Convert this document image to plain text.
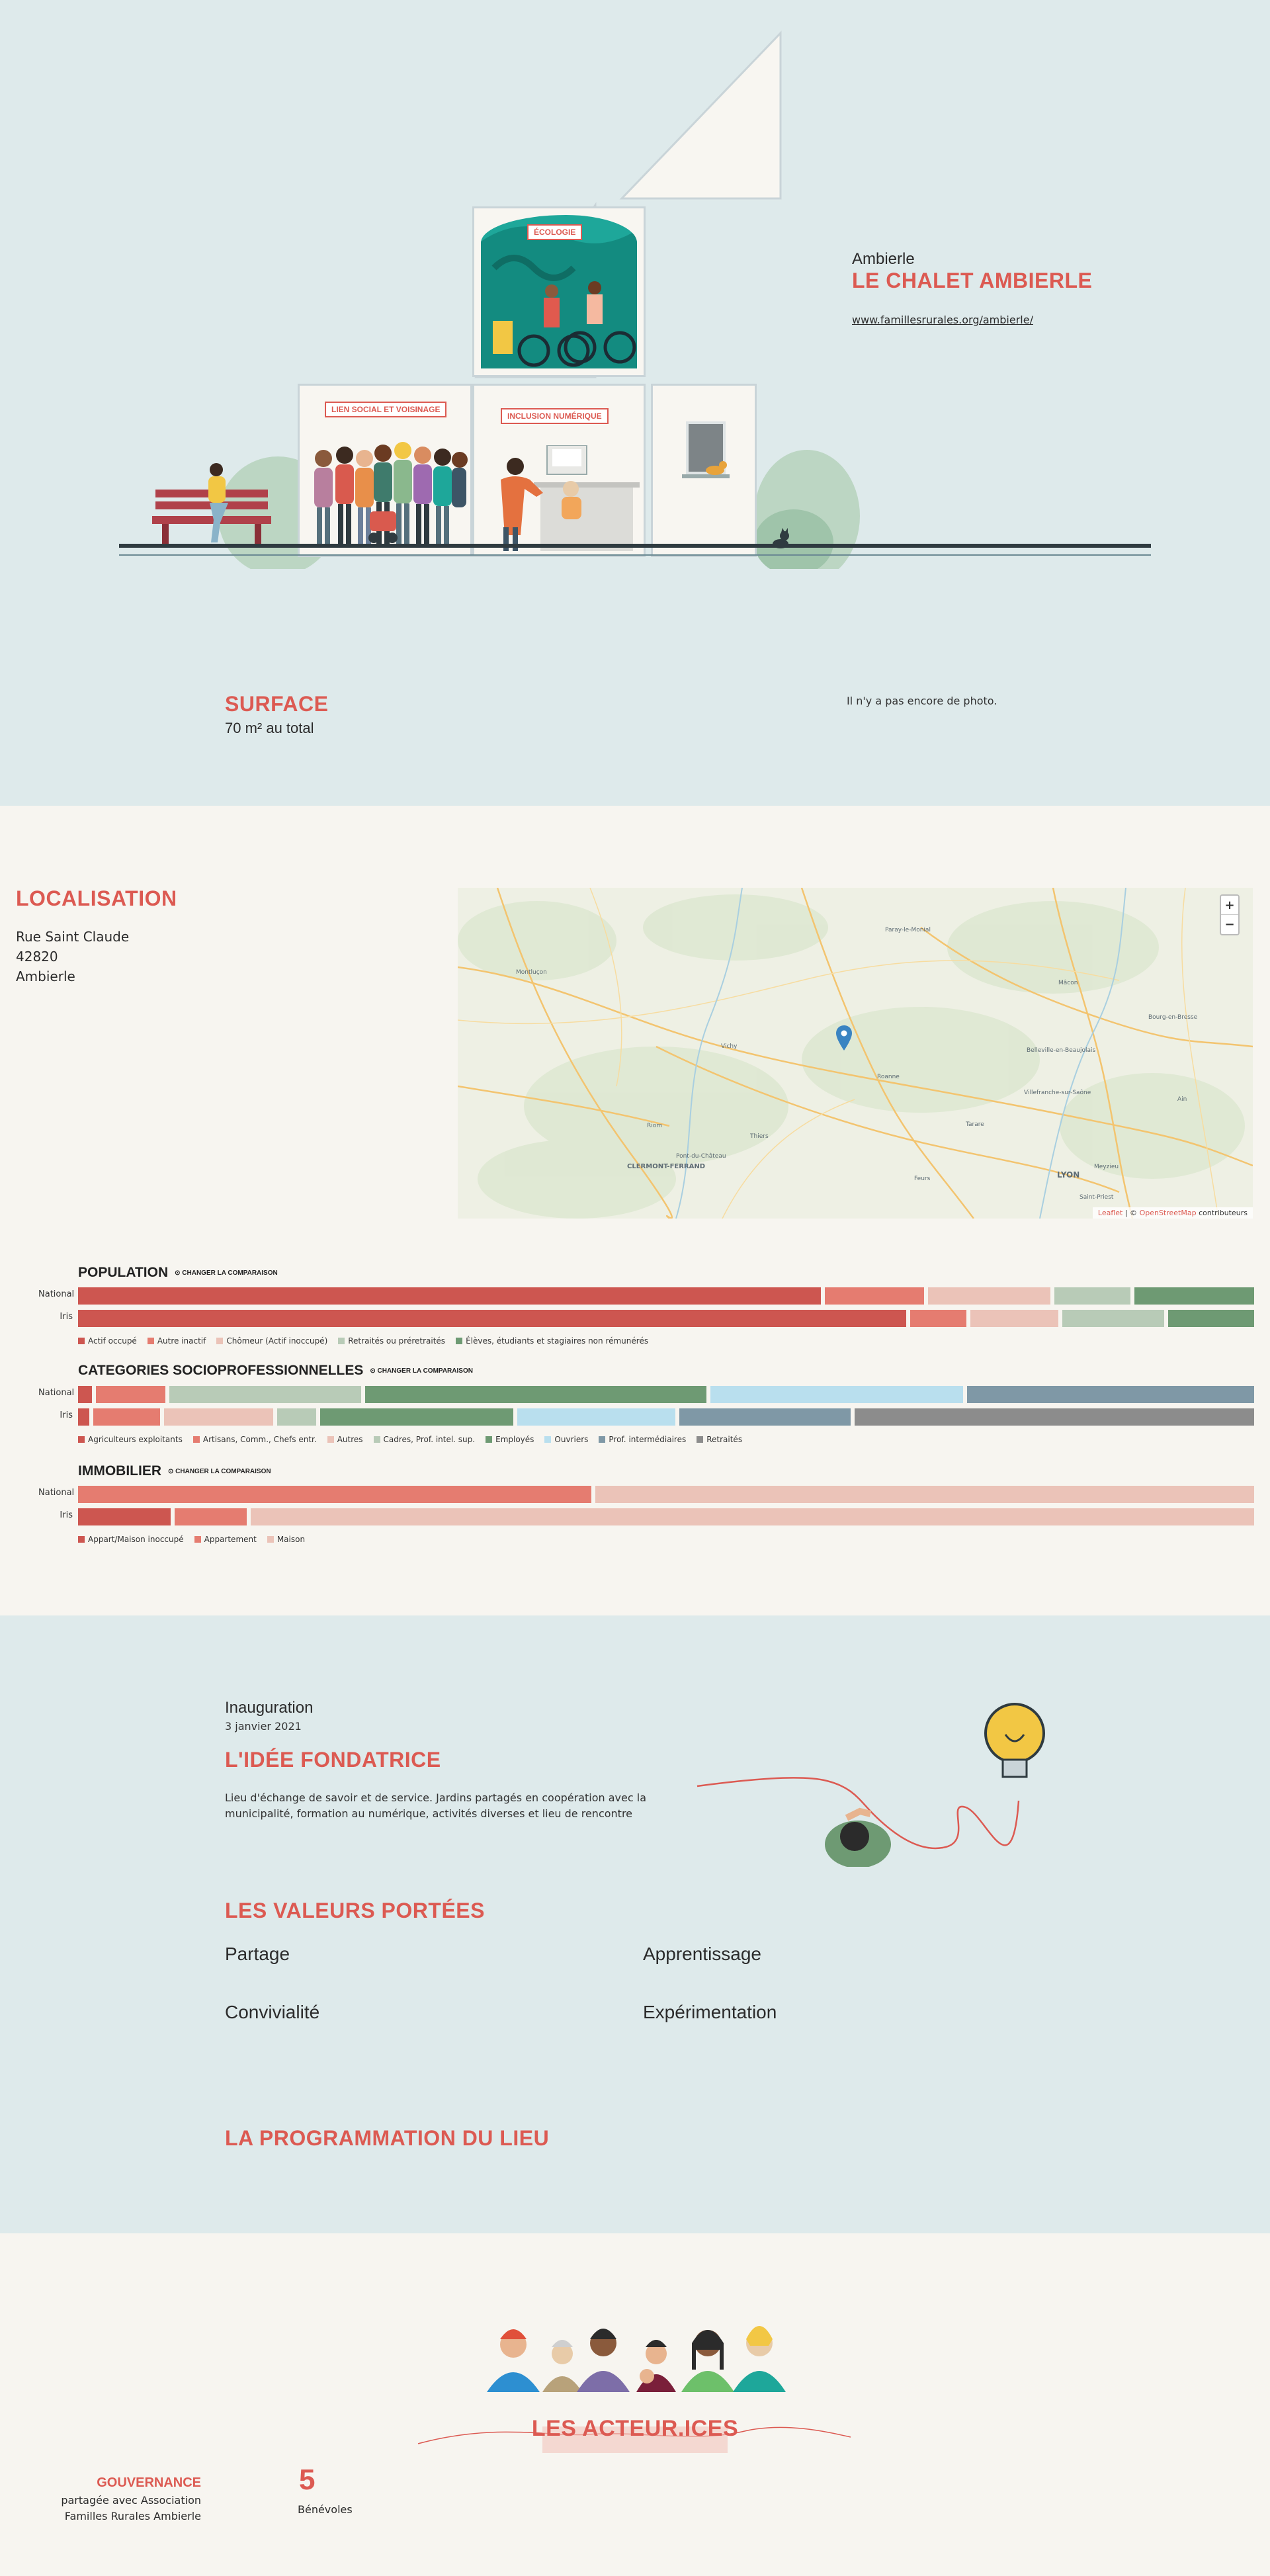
ÉCOLOGIE
LIEN SOCIAL ET VOISINAGE
INCLUSION NUMÉRIQUE
Ambierle
LE CHALET AMBIERLE
www.famillesrurales.org/ambierle/
SURFACE
70 m² au total
Il n'y a pas encore de photo.
LOCALISATION
Rue Saint Claude
42820
Ambierle
Paray-le-Monial
Montluçon
Mâcon
Vichy
Bourg-en-Bresse
Belleville-en-Beaujolais
Roanne
Villefranche-sur-Saône
Riom
Thiers
Tarare
Pont-du-Château
CLERMONT-FERRAND	Meyzieu
Feurs	LYON
Saint-Priest
Ain
+
−
Leaflet | © OpenStreetMap contributeurs
POPULATION ⊙ CHANGER LA COMPARAISON
National
Iris
Actif occupé	Autre inactif	Chômeur (Actif inoccupé)	Retraités ou préretraités	Élèves, étudiants et stagiaires non rémunérés
CATEGORIES SOCIOPROFESSIONNELLES ⊙ CHANGER LA COMPARAISON
National
Iris
Agriculteurs exploitants	Artisans, Comm., Chefs entr.	Autres	Cadres, Prof. intel. sup.	Employés	Ouvriers	Prof. intermédiaires	Retraités
IMMOBILIER ⊙ CHANGER LA COMPARAISON
National
Iris
Appart/Maison inoccupé	Appartement	Maison
Inauguration
3 janvier 2021
L'IDÉE FONDATRICE
Lieu d'échange de savoir et de service. Jardins partagés en coopération avec la
municipalité, formation au numérique, activités diverses et lieu de rencontre
LES VALEURS PORTÉES
Partage	Apprentissage
Convivialité	Expérimentation
LA PROGRAMMATION DU LIEU
LES ACTEUR.ICES
GOUVERNANCE
partagée avec Association
Familles Rurales Ambierle
5
Bénévoles
